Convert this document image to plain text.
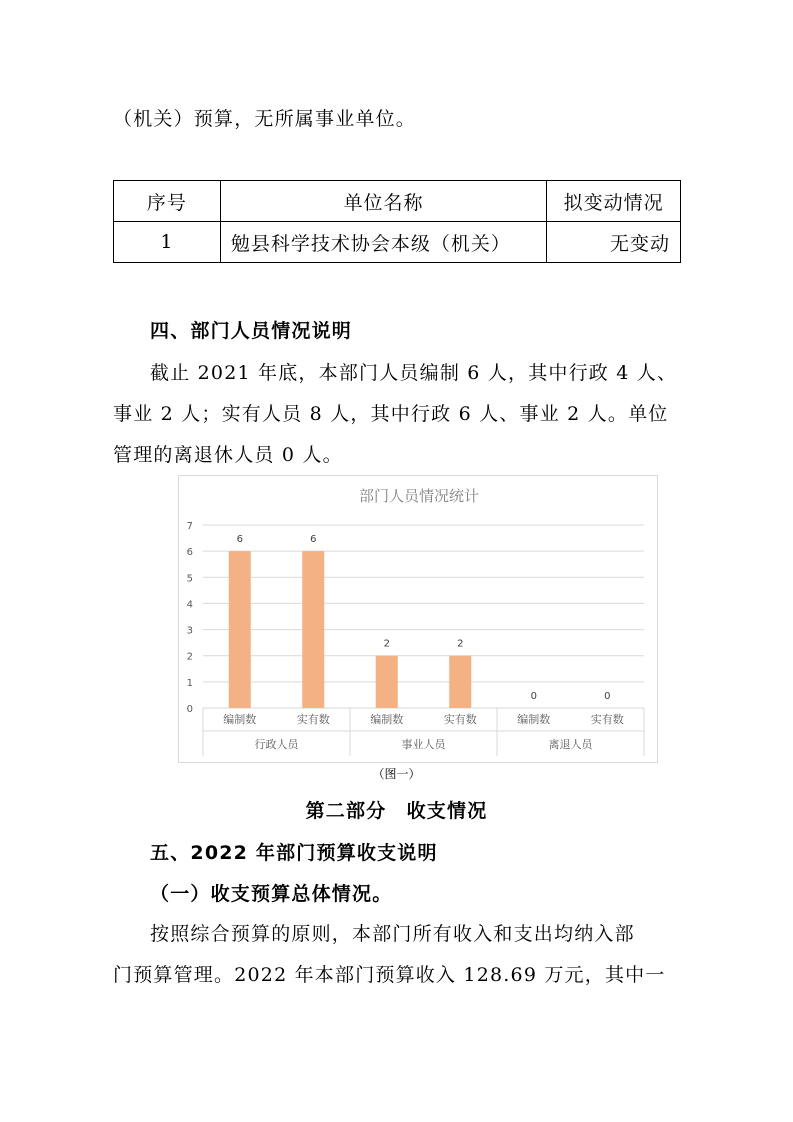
（机关）预算，无所属事业单位。
序号	单位名称	拟变动情况
1	勉县科学技术协会本级（机关）	无变动
四、部门人员情况说明
截止 2021 年底，本部门人员编制 6 人，其中行政 4 人、
事业 2 人；实有人员 8 人，其中行政 6 人、事业 2 人。单位
管理的离退休人员 0 人。
部门人员情况统计
0
1
2
3
4
5
6
7
6
编制数
6
实有数
2
编制数
2
实有数
0
编制数
0
实有数
行政人员	事业人员	离退人员
（图一）
第二部分　收支情况
五、2022 年部门预算收支说明
（一）收支预算总体情况。
按照综合预算的原则，本部门所有收入和支出均纳入部
门预算管理。2022 年本部门预算收入 128.69 万元，其中一
